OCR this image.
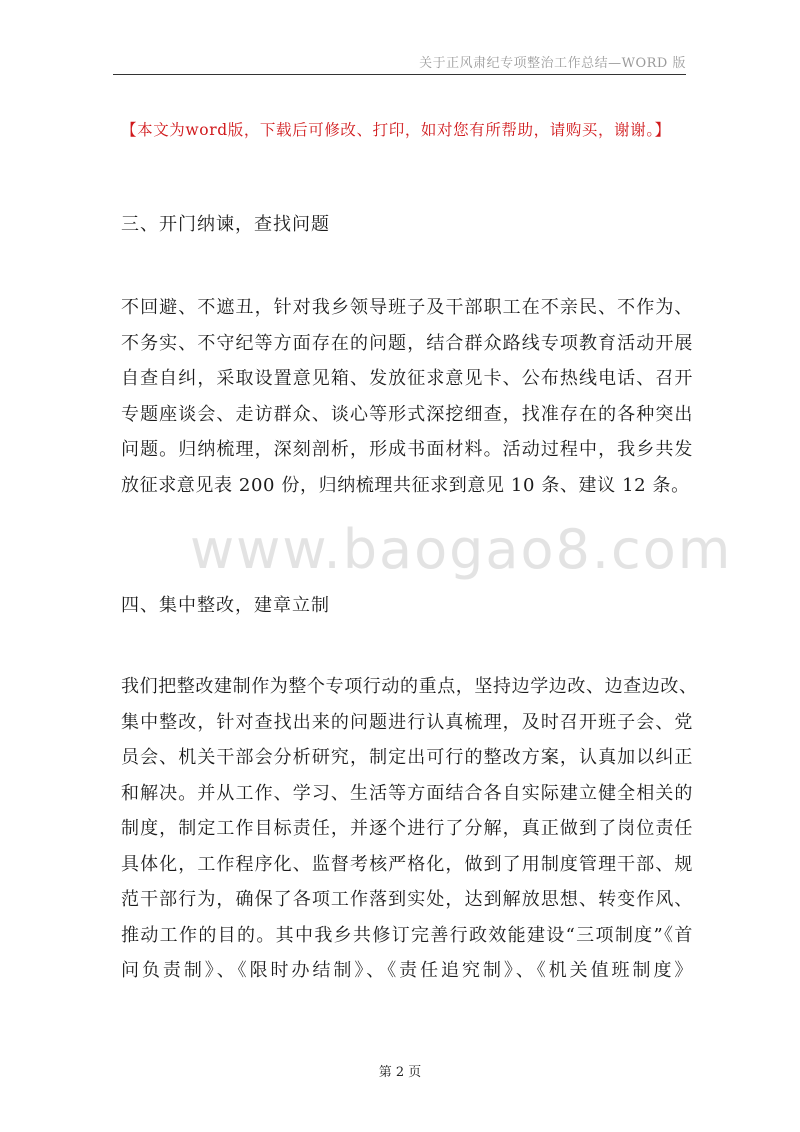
关于正风肃纪专项整治工作总结—WORD 版
【本文为word版，下载后可修改、打印，如对您有所帮助，请购买，谢谢。】
www.baogao8.com
三、开门纳谏，查找问题
不回避、不遮丑，针对我乡领导班子及干部职工在不亲民、不作为、
不务实、不守纪等方面存在的问题，结合群众路线专项教育活动开展
自查自纠，采取设置意见箱、发放征求意见卡、公布热线电话、召开
专题座谈会、走访群众、谈心等形式深挖细查，找准存在的各种突出
问题。归纳梳理，深刻剖析，形成书面材料。活动过程中，我乡共发
放征求意见表 200 份，归纳梳理共征求到意见 10 条、建议 12 条。
四、集中整改，建章立制
我们把整改建制作为整个专项行动的重点，坚持边学边改、边查边改、
集中整改，针对查找出来的问题进行认真梳理，及时召开班子会、党
员会、机关干部会分析研究，制定出可行的整改方案，认真加以纠正
和解决。并从工作、学习、生活等方面结合各自实际建立健全相关的
制度，制定工作目标责任，并逐个进行了分解，真正做到了岗位责任
具体化，工作程序化、监督考核严格化，做到了用制度管理干部、规
范干部行为，确保了各项工作落到实处，达到解放思想、转变作风、
推动工作的目的。其中我乡共修订完善行政效能建设“三项制度”《首
问负责制》、《限时办结制》、《责任追究制》、《机关值班制度》
第 2 页
